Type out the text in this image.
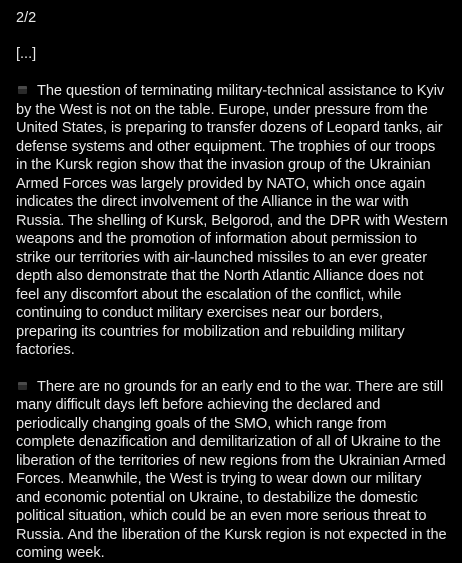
2/2

[...]

The question of terminating military-technical assistance to Kyiv by the West is not on the table. Europe, under pressure from the United States, is preparing to transfer dozens of Leopard tanks, air defense systems and other equipment. The trophies of our troops in the Kursk region show that the invasion group of the Ukrainian Armed Forces was largely provided by NATO, which once again indicates the direct involvement of the Alliance in the war with Russia. The shelling of Kursk, Belgorod, and the DPR with Western weapons and the promotion of information about permission to strike our territories with air-launched missiles to an ever greater depth also demonstrate that the North Atlantic Alliance does not feel any discomfort about the escalation of the conflict, while continuing to conduct military exercises near our borders, preparing its countries for mobilization and rebuilding military factories.

There are no grounds for an early end to the war. There are still many difficult days left before achieving the declared and periodically changing goals of the SMO, which range from complete denazification and demilitarization of all of Ukraine to the liberation of the territories of new regions from the Ukrainian Armed Forces. Meanwhile, the West is trying to wear down our military and economic potential on Ukraine, to destabilize the domestic political situation, which could be an even more serious threat to Russia. And the liberation of the Kursk region is not expected in the coming week.
